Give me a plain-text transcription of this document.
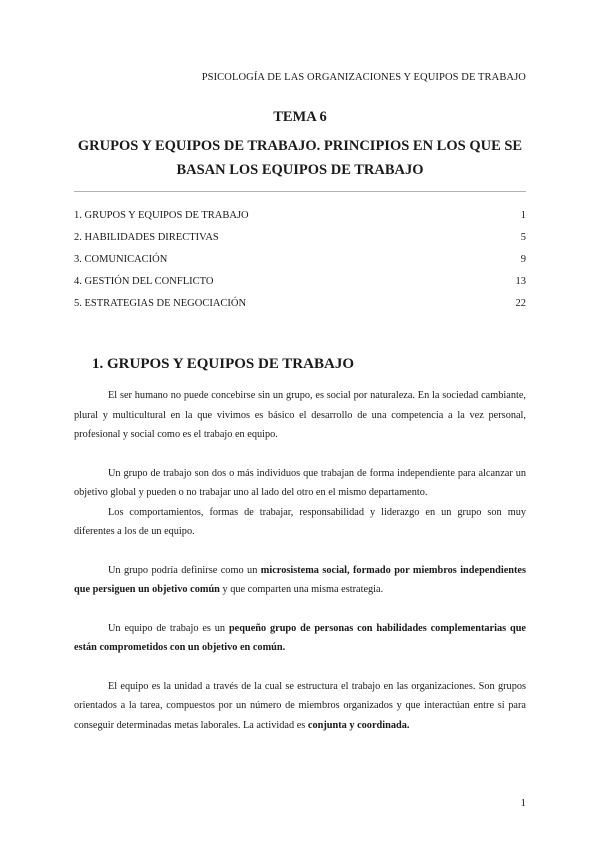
PSICOLOGÍA DE LAS ORGANIZACIONES Y EQUIPOS DE TRABAJO
TEMA 6
GRUPOS Y EQUIPOS DE TRABAJO. PRINCIPIOS EN LOS QUE SE
BASAN LOS EQUIPOS DE TRABAJO
1. GRUPOS Y EQUIPOS DE TRABAJO	1
2. HABILIDADES DIRECTIVAS	5
3. COMUNICACIÓN	9
4. GESTIÓN DEL CONFLICTO	13
5. ESTRATEGIAS DE NEGOCIACIÓN	22
1. GRUPOS Y EQUIPOS DE TRABAJO

El ser humano no puede concebirse sin un grupo, es social por naturaleza. En la sociedad cambiante, plural y multicultural en la que vivimos es básico el desarrollo de una competencia a la vez personal, profesional y social como es el trabajo en equipo.

Un grupo de trabajo son dos o más individuos que trabajan de forma independiente para alcanzar un objetivo global y pueden o no trabajar uno al lado del otro en el mismo departamento.

Los comportamientos, formas de trabajar, responsabilidad y liderazgo en un grupo son muy diferentes a los de un equipo.

Un grupo podría definirse como un microsistema social, formado por miembros independientes que persiguen un objetivo común y que comparten una misma estrategia.

Un equipo de trabajo es un pequeño grupo de personas con habilidades complementarias que están comprometidos con un objetivo en común.

El equipo es la unidad a través de la cual se estructura el trabajo en las organizaciones. Son grupos orientados a la tarea, compuestos por un número de miembros organizados y que interactúan entre sí para conseguir determinadas metas laborales. La actividad es conjunta y coordinada.

1
